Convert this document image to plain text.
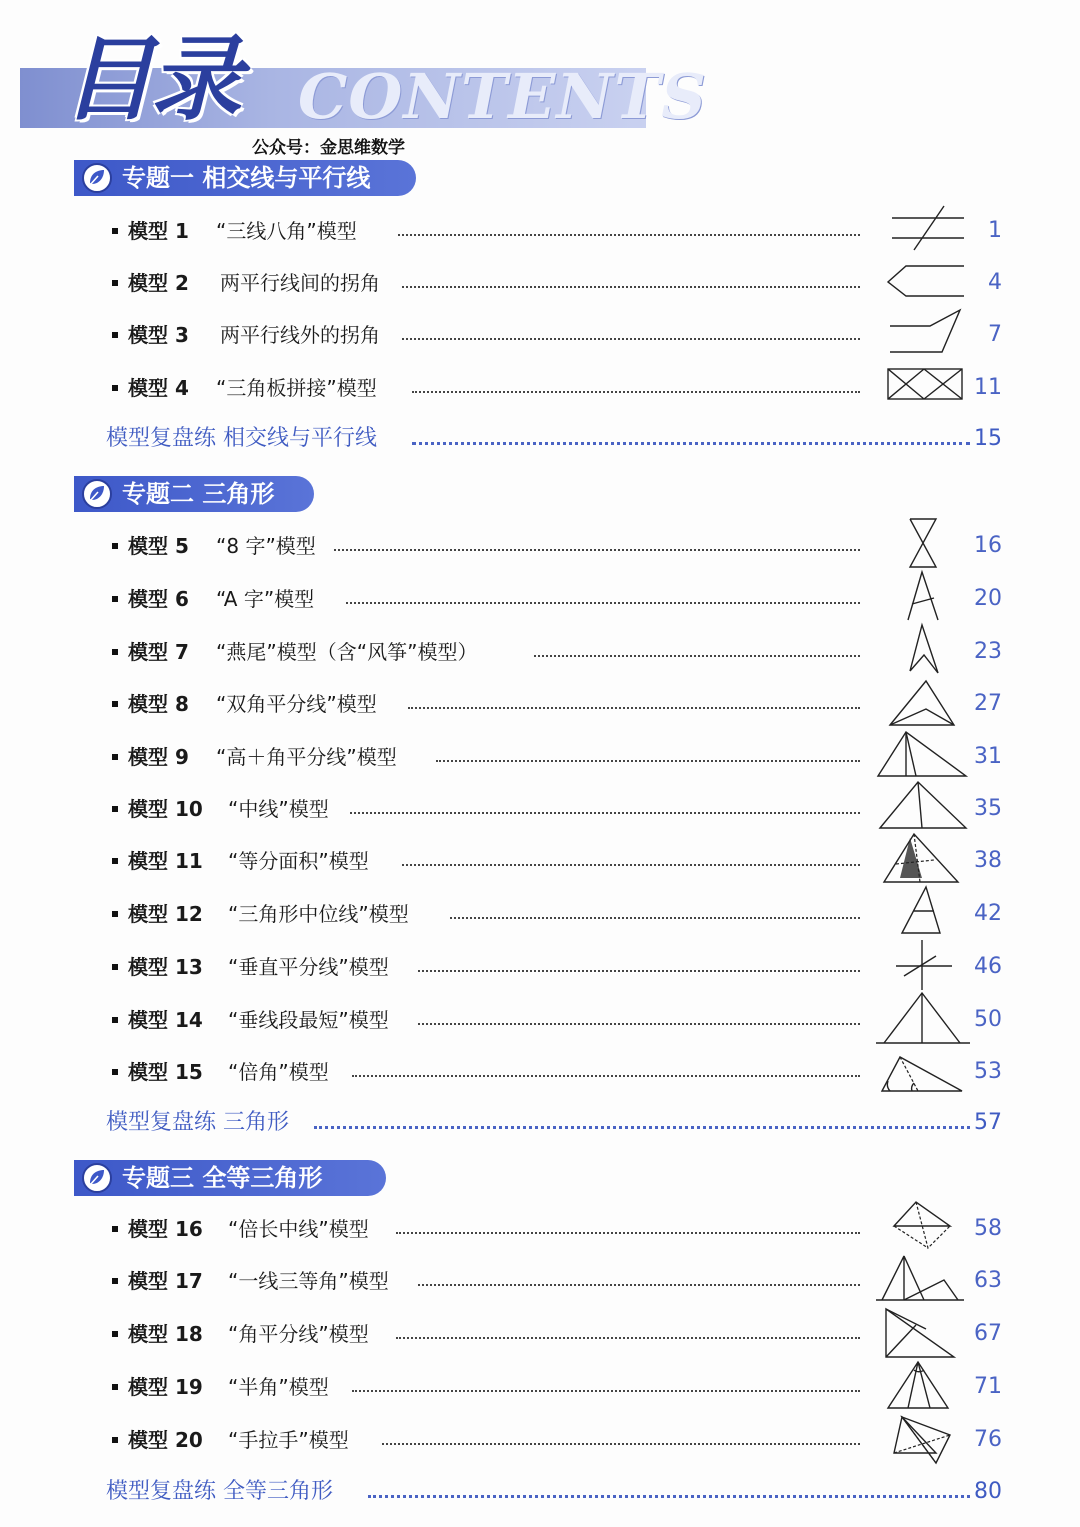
目录 CONTENTS
公众号：金思维数学
专题一 相交线与平行线
模型 1 “三线八角”模型	1
模型 2 两平行线间的拐角	4
模型 3 两平行线外的拐角	7
模型 4 “三角板拼接”模型	11
模型复盘练 相交线与平行线	15
专题二 三角形
模型 5 “8 字”模型	16
模型 6 “A 字”模型	20
模型 7 “燕尾”模型（含“风筝”模型）	23
模型 8 “双角平分线”模型	27
模型 9 “高＋角平分线”模型	31
模型 10 “中线”模型	35
模型 11 “等分面积”模型	38
模型 12 “三角形中位线”模型	42
模型 13 “垂直平分线”模型	46
模型 14 “垂线段最短”模型	50
模型 15 “倍角”模型	53
模型复盘练 三角形	57
专题三 全等三角形
模型 16 “倍长中线”模型	58
模型 17 “一线三等角”模型	63
模型 18 “角平分线”模型	67
模型 19 “半角”模型	71
模型 20 “手拉手”模型	76
模型复盘练 全等三角形	80
